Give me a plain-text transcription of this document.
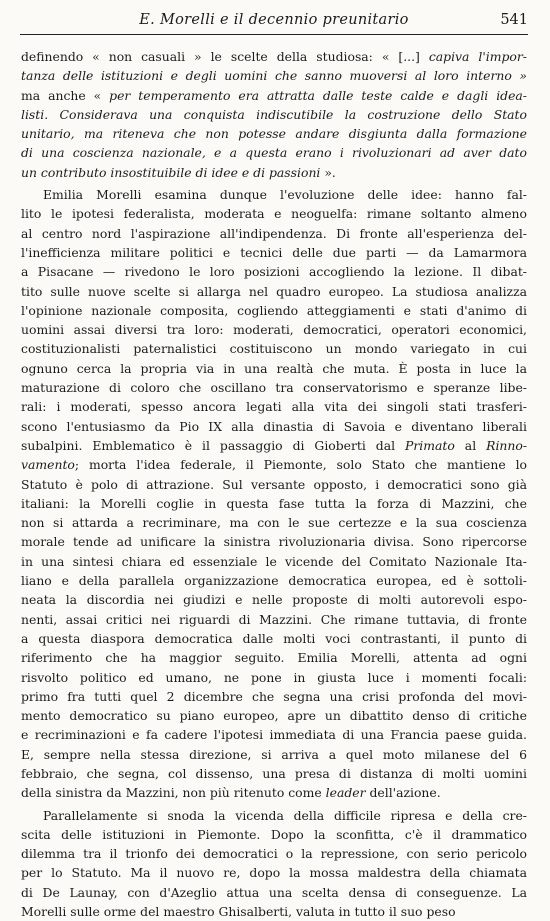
E. Morelli e il decennio preunitario	541
definendo « non casuali » le scelte della studiosa: « [...] capiva l'impor-
tanza delle istituzioni e degli uomini che sanno muoversi al loro interno »
ma anche « per temperamento era attratta dalle teste calde e dagli idea-
listi. Considerava una conquista indiscutibile la costruzione dello Stato
unitario, ma riteneva che non potesse andare disgiunta dalla formazione
di una coscienza nazionale, e a questa erano i rivoluzionari ad aver dato
un contributo insostituibile di idee e di passioni ».
Emilia Morelli esamina dunque l'evoluzione delle idee: hanno fal-
lito le ipotesi federalista, moderata e neoguelfa: rimane soltanto almeno
al centro nord l'aspirazione all'indipendenza. Di fronte all'esperienza del-
l'inefficienza militare politici e tecnici delle due parti — da Lamarmora
a Pisacane — rivedono le loro posizioni accogliendo la lezione. Il dibat-
tito sulle nuove scelte si allarga nel quadro europeo. La studiosa analizza
l'opinione nazionale composita, cogliendo atteggiamenti e stati d'animo di
uomini assai diversi tra loro: moderati, democratici, operatori economici,
costituzionalisti paternalistici costituiscono un mondo variegato in cui
ognuno cerca la propria via in una realtà che muta. È posta in luce la
maturazione di coloro che oscillano tra conservatorismo e speranze libe-
rali: i moderati, spesso ancora legati alla vita dei singoli stati trasferi-
scono l'entusiasmo da Pio IX alla dinastia di Savoia e diventano liberali
subalpini. Emblematico è il passaggio di Gioberti dal Primato al Rinno-
vamento; morta l'idea federale, il Piemonte, solo Stato che mantiene lo
Statuto è polo di attrazione. Sul versante opposto, i democratici sono già
italiani: la Morelli coglie in questa fase tutta la forza di Mazzini, che
non si attarda a recriminare, ma con le sue certezze e la sua coscienza
morale tende ad unificare la sinistra rivoluzionaria divisa. Sono ripercorse
in una sintesi chiara ed essenziale le vicende del Comitato Nazionale Ita-
liano e della parallela organizzazione democratica europea, ed è sottoli-
neata la discordia nei giudizi e nelle proposte di molti autorevoli espo-
nenti, assai critici nei riguardi di Mazzini. Che rimane tuttavia, di fronte
a questa diaspora democratica dalle molti voci contrastanti, il punto di
riferimento che ha maggior seguito. Emilia Morelli, attenta ad ogni
risvolto politico ed umano, ne pone in giusta luce i momenti focali:
primo fra tutti quel 2 dicembre che segna una crisi profonda del movi-
mento democratico su piano europeo, apre un dibattito denso di critiche
e recriminazioni e fa cadere l'ipotesi immediata di una Francia paese guida.
E, sempre nella stessa direzione, si arriva a quel moto milanese del 6
febbraio, che segna, col dissenso, una presa di distanza di molti uomini
della sinistra da Mazzini, non più ritenuto come leader dell'azione.
Parallelamente si snoda la vicenda della difficile ripresa e della cre-
scita delle istituzioni in Piemonte. Dopo la sconfitta, c'è il drammatico
dilemma tra il trionfo dei democratici o la repressione, con serio pericolo
per lo Statuto. Ma il nuovo re, dopo la mossa maldestra della chiamata
di De Launay, con d'Azeglio attua una scelta densa di conseguenze. La
Morelli sulle orme del maestro Ghisalberti, valuta in tutto il suo peso
